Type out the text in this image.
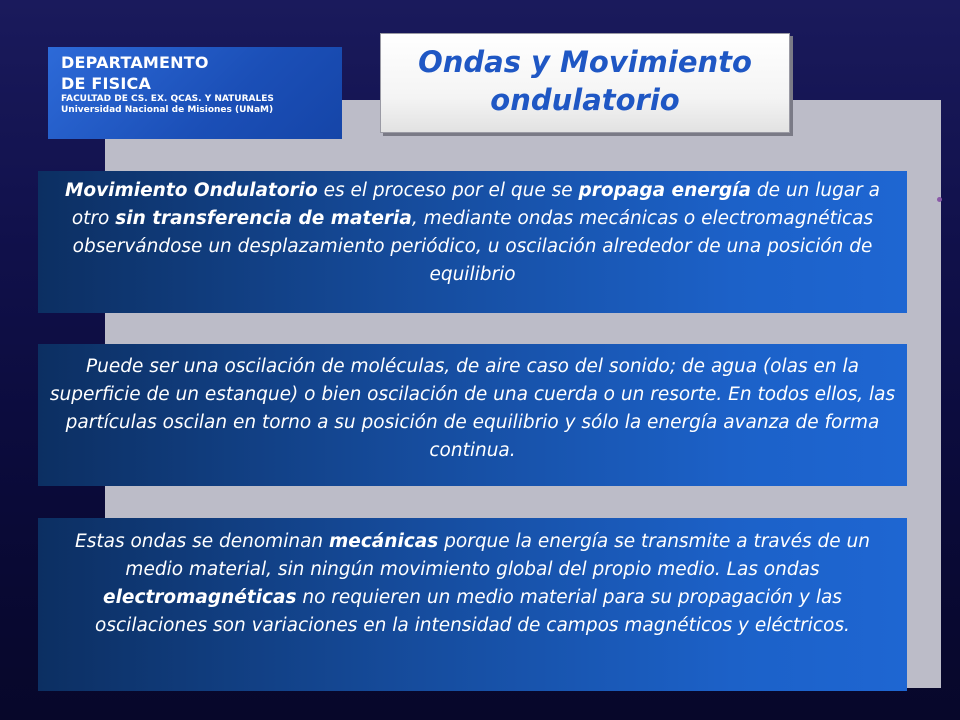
DEPARTAMENTO
DE FISICA
FACULTAD DE CS. EX. QCAS. Y NATURALES
Universidad Nacional de Misiones (UNaM)
Ondas y Movimiento
ondulatorio
Movimiento Ondulatorio es el proceso por el que se propaga energía de un lugar a otro sin transferencia de materia, mediante ondas mecánicas o electromagnéticas observándose un desplazamiento periódico, u oscilación alrededor de una posición de equilibrio
Puede ser una oscilación de moléculas, de aire caso del sonido; de agua (olas en la superficie de un estanque) o bien oscilación de una cuerda o un resorte. En todos ellos, las partículas oscilan en torno a su posición de equilibrio y sólo la energía avanza de forma continua.
Estas ondas se denominan mecánicas porque la energía se transmite a través de un medio material, sin ningún movimiento global del propio medio. Las ondas electromagnéticas no requieren un medio material para su propagación y las oscilaciones son variaciones en la intensidad de campos magnéticos y eléctricos.
